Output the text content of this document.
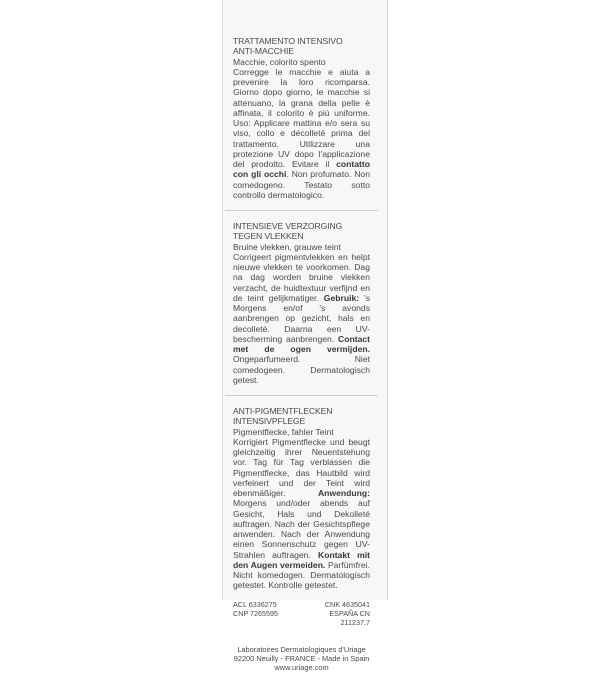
TRATTAMENTO INTENSIVO
ANTI-MACCHIE

Macchie, colorito spento

Corregge le macchie e aiuta a prevenire la loro ricomparsa. Giorno dopo giorno, le macchie si attenuano, la grana della pelle è affinata, il colorito è più uniforme. Uso: Applicare mattina e/o sera su viso, collo e décolleté prima del trattamento. Utilizzare una protezione UV dopo l'applicazione del prodotto. Evitare il contatto con gli occhi. Non profumato. Non comedogeno. Testato sotto controllo dermatologico.

INTENSIEVE VERZORGING
TEGEN VLEKKEN

Bruine vlekken, grauwe teint

Corrigeert pigmentvlekken en helpt nieuwe vlekken te voorkomen. Dag na dag worden bruine vlekken verzacht, de huidtextuur verfijnd en de teint gelijkmatiger. Gebruik: 's Morgens en/of 's avonds aanbrengen op gezicht, hals en decolleté. Daarna een UV- bescherming aanbrengen. Contact met de ogen vermijden. Ongeparfumeerd. Niet comedogeen. Dermatologisch getest.

ANTI-PIGMENTFLECKEN
INTENSIVPFLEGE

Pigmentflecke, fahler Teint

Korrigiert Pigmentflecke und beugt gleichzeitig ihrer Neuentstehung vor. Tag für Tag verblassen die Pigmentflecke, das Hautbild wird verfeinert und der Teint wird ebenmäßiger. Anwendung: Morgens und/oder abends auf Gesicht, Hals und Dekolleté auftragen. Nach der Gesichtspflege anwenden. Nach der Anwendung einen Sonnenschutz gegen UV-Strahlen auftragen. Kontakt mit den Augen vermeiden. Parfümfrei. Nicht komedogen. Dermatologisch getestet. Kontrolle getestet.

ACL 6336275	CNK 4635041
CNP 7265595	ESPAÑA CN 211237.7
Laboratoires Dermatologiques d'Uriage
92200 Neuilly - FRANCE - Made in Spain
www.uriage.com
